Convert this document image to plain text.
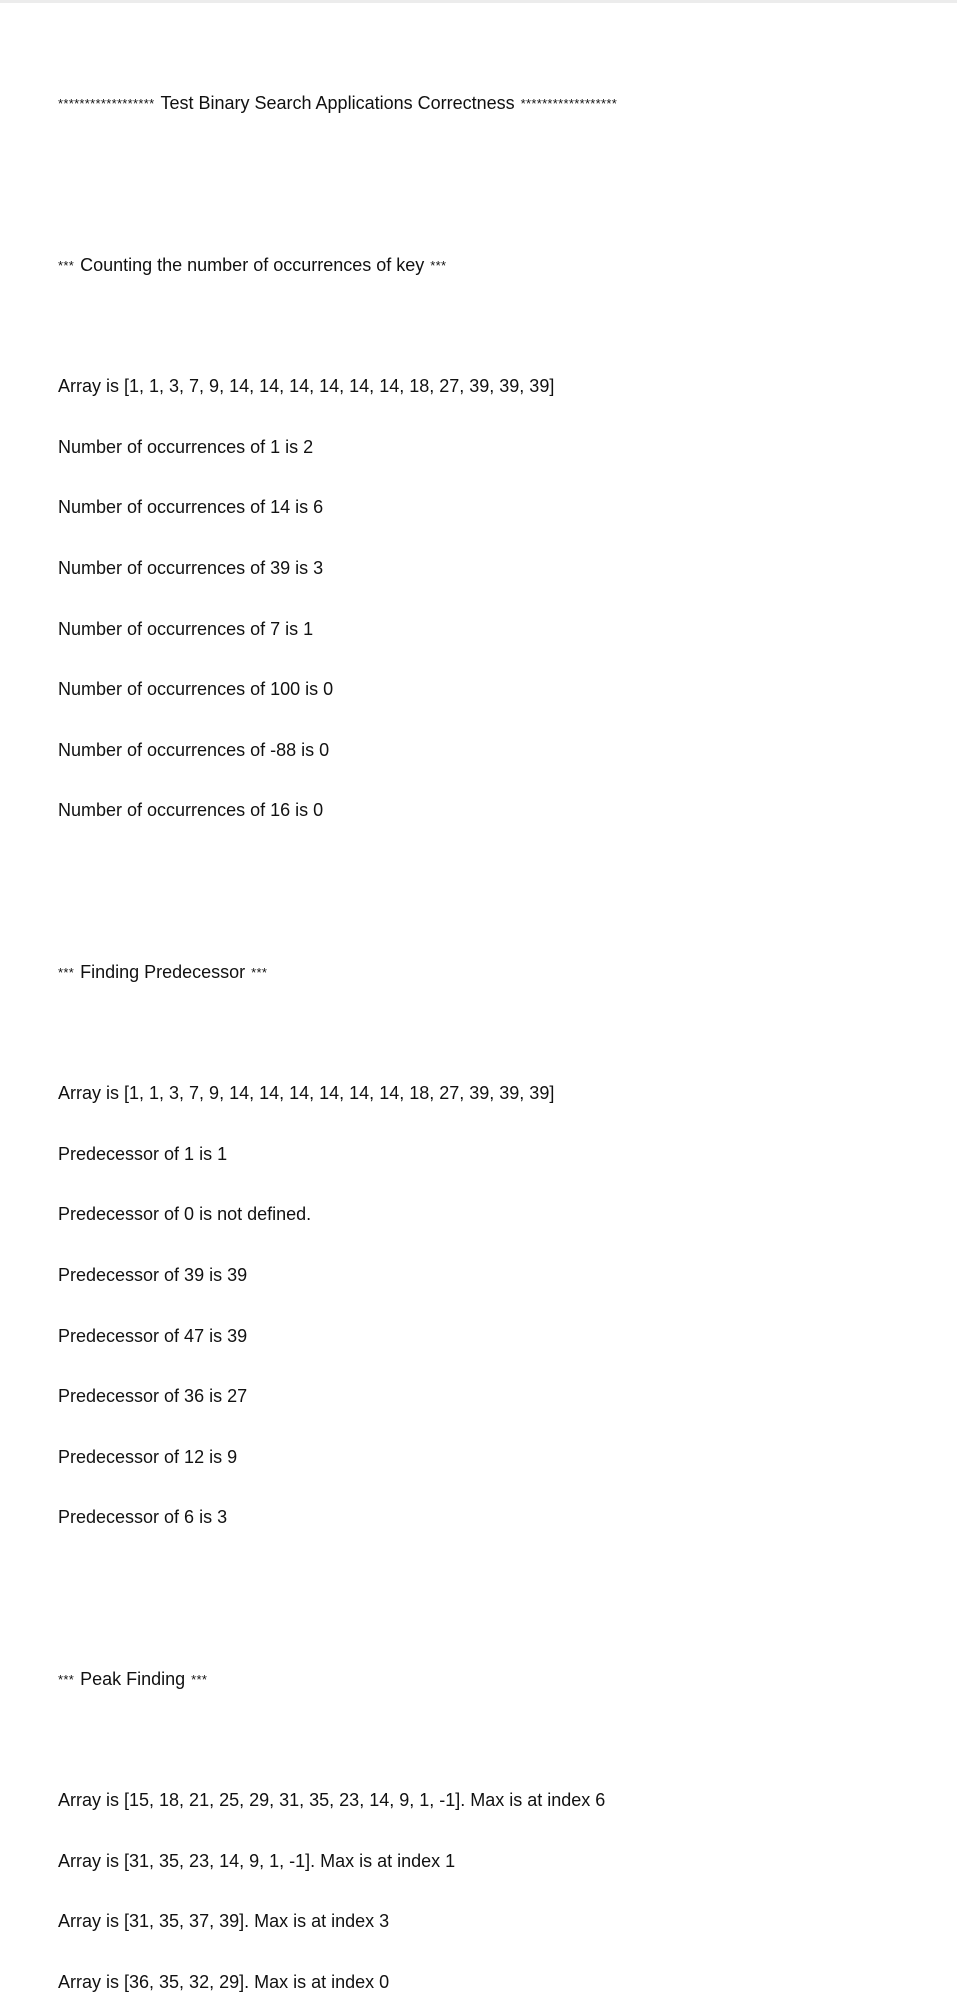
****************** Test Binary Search Applications Correctness ******************

*** Counting the number of occurrences of key ***

Array is [1, 1, 3, 7, 9, 14, 14, 14, 14, 14, 14, 18, 27, 39, 39, 39]

Number of occurrences of 1 is 2

Number of occurrences of 14 is 6

Number of occurrences of 39 is 3

Number of occurrences of 7 is 1

Number of occurrences of 100 is 0

Number of occurrences of -88 is 0

Number of occurrences of 16 is 0

*** Finding Predecessor ***

Array is [1, 1, 3, 7, 9, 14, 14, 14, 14, 14, 14, 18, 27, 39, 39, 39]

Predecessor of 1 is 1

Predecessor of 0 is not defined.

Predecessor of 39 is 39

Predecessor of 47 is 39

Predecessor of 36 is 27

Predecessor of 12 is 9

Predecessor of 6 is 3

*** Peak Finding ***

Array is [15, 18, 21, 25, 29, 31, 35, 23, 14, 9, 1, -1]. Max is at index 6

Array is [31, 35, 23, 14, 9, 1, -1]. Max is at index 1

Array is [31, 35, 37, 39]. Max is at index 3

Array is [36, 35, 32, 29]. Max is at index 0
